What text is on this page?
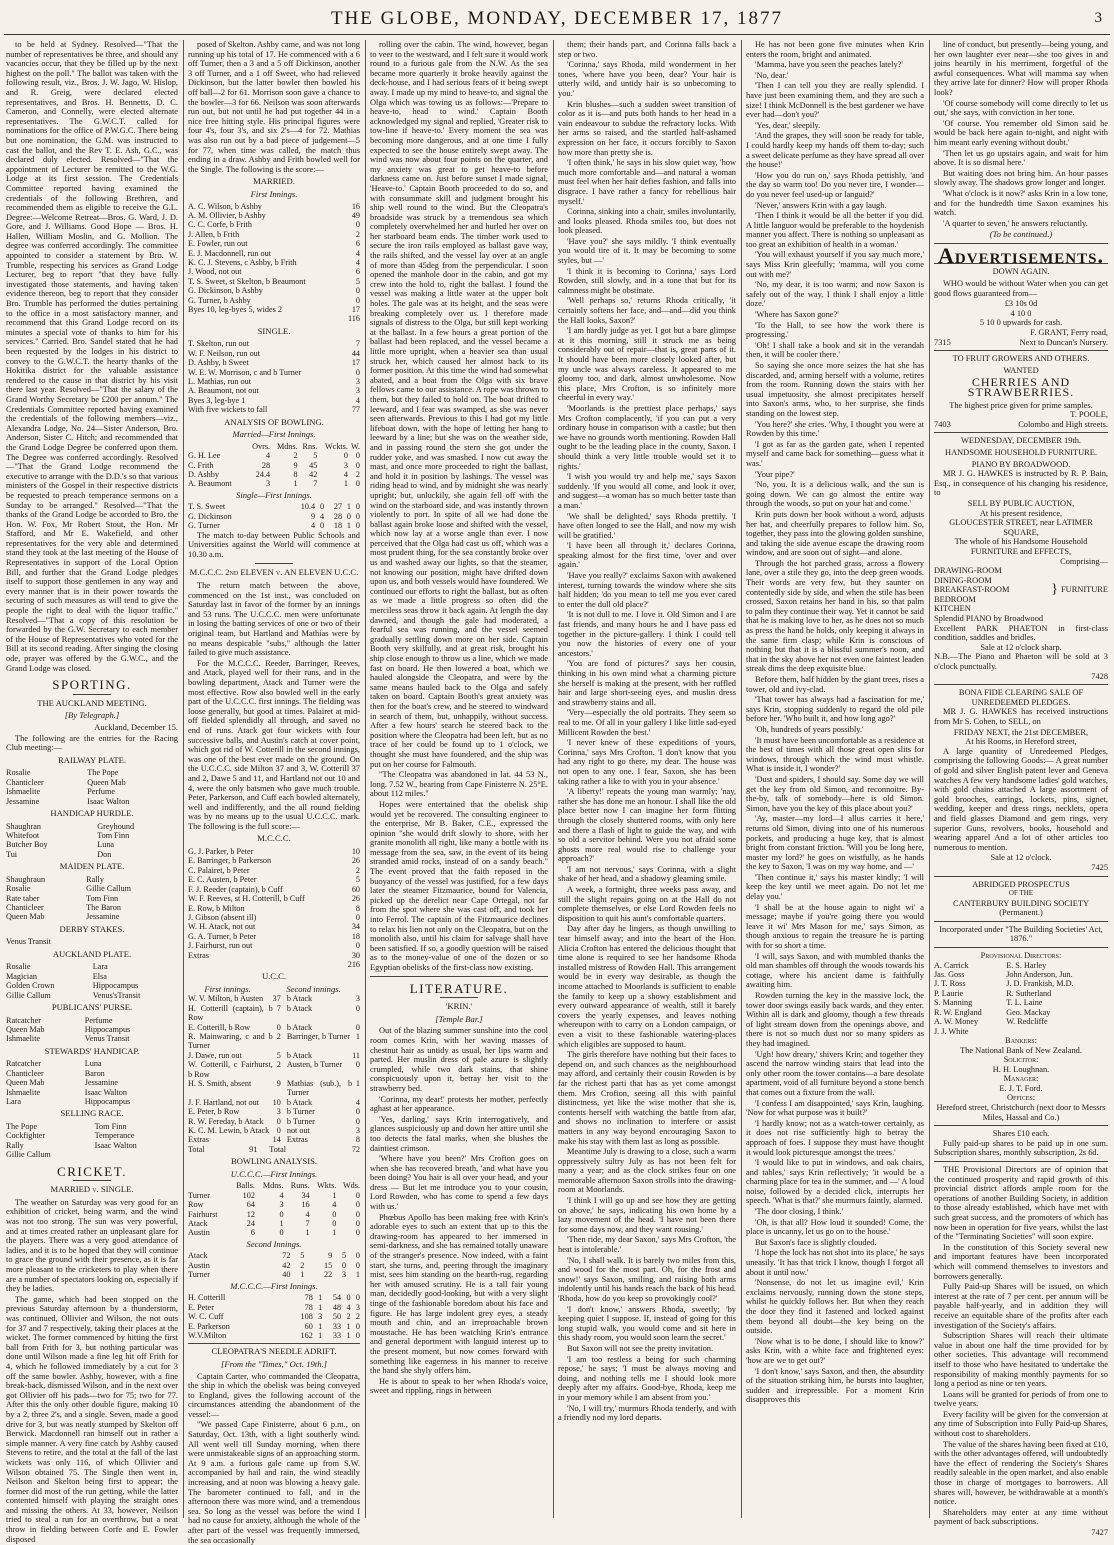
THE GLOBE, MONDAY, DECEMBER 17, 1877	3

to be held at Sydney. Resolved—"That the number of representatives be three, and should any vacancies occur, that they be filled up by the next highest on the poll." The ballot was taken with the following result, viz., Bros. J. W. Jago, W. Hislop, and R. Greig, were declared elected representatives, and Bros. H. Bennetts, D. C. Cameron, and Connelly, were elected alternate representatives. The G.W.C.T. called for nominations for the office of P.W.G.C. There being but one nomination, the G.M. was instructed to cast the ballot, and the Rev T. E. Ash, G.C., was declared duly elected. Resolved—"That the appointment of Lecturer be remitted to the W.G. Lodge at its first session. The Credentials Committee reported having examined the credentials of the following Brethren, and recommended them as eligible to receive the G.L. Degree:—Welcome Retreat—Bros. G. Ward, J. D. Gore, and J. Williams. Good Hope — Bros. H. Hallen, William Moslin, and G. Mollion. The degree was conferred accordingly. The committee appointed to consider a statement by Bro. W. Trumble, respecting his services as Grand Lodge Lecturer, beg to report "that they have fully investigated those statements, and having taken evidence thereon, beg to report that they consider Bro. Trumble has performed the duties pertaining to the office in a most satisfactory manner, and recommend that this Grand Lodge record on its minutes a special vote of thanks to him for his services." Carried. Bro. Sandel stated that he had been requested by the lodges in his district to convey to the G.W.C.T. the hearty thanks of the Hokitika district for the valuable assistance rendered to the cause in that district by his visit there last year. Resolved—"That the salary of the Grand Worthy Secretary be £200 per annum." The Credentials Committee reported having examined the credentials of the following members—viz., Alexandra Lodge, No. 24—Sister Anderson, Bro. Anderson, Sister C. Hitch; and recommended that the Grand Lodge Degree be conferred upon them. The Degree was conferred accordingly. Resolved —"That the Grand Lodge recommend the executive to arrange with the D.D.'s so that various ministers of the Gospel in their respective districts be requested to preach temperance sermons on a Sunday to be arranged." Resolved—"That the thanks of the Grand Lodge be accorded to Bro. the Hon. W. Fox, Mr Robert Stout, the Hon. Mr Stafford, and Mr E. Wakefield, and other representatives for the very able and determined stand they took at the last meeting of the House of Representatives in support of the Local Option Bill, and further that the Grand Lodge pledges itself to support those gentlemen in any way and every manner that is in their power towards the securing of such measures as will tend to give the people the right to deal with the liquor traffic." Resolved—"That a copy of this resolution be forwarded by the G.W. Secretary to each member of the House of Representatives who voted for the Bill at its second reading. After singing the closing ode, prayer was offered by the G.W.C., and the Grand Lodge was closed.

SPORTING.
THE AUCKLAND MEETING.
[By Telegraph.]

Auckland, December 15.

The following are the entries for the Racing Club meeting:—

RAILWAY PLATE.
Rosalie	The Pope
Chanticleer	Queen Mab
Ishmaelite	Perfume
Jessamine	Isaac Walton
HANDICAP HURDLE.
Shaughran	Greyhound
Whitefoot	Tom Finn
Butcher Boy	Luna
Tui	Don
MAIDEN PLATE.
Shaughraun	Rally
Rosalie	Gillie Callum
Rate taber	Tom Finn
Chanticleer	The Baron
Queen Mab	Jessamine
DERBY STAKES.
Venus Transit	
AUCKLAND PLATE.
Rosalie	Lara
Magician	Elsa
Golden Crown	Hippocampus
Gillie Callum	Venus'sTransit
PUBLICANS' PURSE.
Ratcatcher	Perfume
Queen Mab	Hippocampus
Ishmaelite	Venus Transit
STEWARDS' HANDICAP.
Ratcatcher	Luna
Chanticleer	Baron
Queen Mab	Jessamine
Ishmaelite	Isaac Walton
Lara	Hippocampus
SELLING RACE.
The Pope	Tom Finn
Cockfighter	Temperance
Rally	Isaac Walton
Gillie Callum	
CRICKET.
MARRIED v. SINGLE.

The weather on Saturday was very good for an exhibition of cricket, being warm, and the wind was not too strong. The sun was very powerful, and at times created rather an unpleasant glare for the players. There was a very good attendance of ladies, and it is to be hoped that they will continue to grace the ground with their presence, as it is far more pleasant to the cricketers to play when there are a number of spectators looking on, especially if they be ladies.

The game, which had been stopped on the previous Saturday afternoon by a thunderstorm, was continued, Ollivier and Wilson, the not outs for 37 and 7 respectively, taking their places at the wicket. The former commenced by hitting the first ball from Frith for 3, but nothing particular was done until Wilson made a fine leg hit off Frith for 4, which he followed immediately by a cut for 3 off the same bowler. Ashby, however, with a fine break-back, dismissed Wilson, and in the next over got Ollivier off his pads—two for 75; two for 77. After this the only other double figure, making 10 by a 2, three 2's, and a single. Seven, made a good drive for 3, but was neatly stumped by Skelton off Berwick. Macdonnell ran himself out in rather a simple manner. A very fine catch by Ashby caused Stevens to retire, and the total at the fall of the last wickets was only 116, of which Ollivier and Wilson obtained 75. The Single then went in, Neilson and Skelton being first to appear; the former did most of the run getting, while the latter contented himself with playing the straight ones and missing the others. At 33, however, Neilson tried to steal a run for an overthrow, but a neat throw in fielding between Corfe and E. Fowler disposed

posed of Skelton. Ashby came, and was not long running up his total of 17. He commenced with a 6 off Turner, then a 3 and a 5 off Dickinson, another 3 off Turner, and a 1 off Sweet, who had relieved Dickinson, but the latter bowler then bowled his off ball—2 for 61. Morrison soon gave a chance to the bowler—3 for 66. Neilson was soon afterwards run out, but not until he had put together 44 in a nice free hitting style. His principal figures were four 4's, four 3's, and six 2's—4 for 72. Mathias was also run out by a bad piece of judgement—5 for 77, when time was called, the match thus ending in a draw. Ashby and Frith bowled well for the Single. The following is the score:—

MARRIED.
First Innings.
A. C. Wilson, b Ashby	16
A. M. Ollivier, b Ashby	49
C. C. Corfe, b Frith	0
J. Allen, b Frith	2
E. Fowler, run out	6
E. J. Macdonnell, run out	4
K. C. J. Stevens, c Ashby, b Frith	4
J. Wood, not out	6
T. S. Sweet, st Skelton, b Beaumont	5
G. Dickinson, b Ashby	0
G. Turner, b Ashby	0
Byes 10, leg-byes 5, wides 2	17
	116
SINGLE.
T. Skelton, run out	7
W. F. Neilson, run out	44
D. Ashby, b Sweet	17
W. E. W. Morrison, c and b Turner	0
L. Mathias, run out	3
A. Beaumont, not out	3
Byes 3, leg-bye 1	4
With five wickets to fall	77
ANALYSIS OF BOWLING.
Married—First Innings.
	Ovrs.	Mdns.	Rns.	Wckts.	W.
G. H. Lee	4	2	5	0	0
C. Frith	28	9	45	3	0
D. Ashby	24.4	8	42	4	2
A. Beaumont	3	1	7	1	0
Single—First Innings.
T. S. Sweet	10.4	0	27	1	0
G. Dickinson	9	4	28	0	0
G. Turner	4	0	18	1	0

The match to-day between Public Schools and Universities against the World will commence at 10.30 a.m.

M.C.C.C. 2nd ELEVEN v. AN ELEVEN U.C.C.

The return match between the above, commenced on the 1st inst., was concluded on Saturday last in favor of the former by an innings and 53 runs. The U.C.C.C. men were unfortunate in losing the batting services of one or two of their original team, but Hartland and Mathias were by no means despicable "subs," although the latter failed to give much assistance.

For the M.C.C.C. Reeder, Barringer, Reeves, and Atack, played well for their runs, and in the bowling department, Atack and Turner were the most effective. Row also bowled well in the early part of the U.C.C.C. first innings. The fielding was loose generally, but good at times. Palairet at mid-off fielded splendidly all through, and saved no end of runs. Atack got four wickets with four successive balls, and Austin's catch at cover point, which got rid of W. Cotterill in the second innings, was one of the best ever made on the ground. On the U.C.C.C. side Milton 37 and 3, W. Cotterill 37 and 2, Dawe 5 and 11, and Hartland not out 10 and 4, were the only batsmen who gave much trouble. Peter, Parkerson, and Cuff each bowled alternately, well and indifferently, and the all round fielding was by no means up to the usual U.C.C.C. mark. The following is the full score:—

M.C.C.C.
G. J. Parker, b Peter	10
E. Barringer, b Parkerson	26
C. Palairet, b Peter	2
E. C. Austen, b Peter	5
F. J. Reeder (captain), b Cuff	60
W. F. Reeves, st H. Cotterill, b Cuff	26
E. Row, b Milton	8
J. Gibson (absent ill)	0
W. H. Atack, not out	34
G. A. Turner, b Peter	18
J. Fairhurst, run out	0
Extras	30
	216
U.C.C.
First innings.	Second innings.
W. V. Milton, b Austen	37	b Atack	3
H. Cotterill (captain), b Row	7	b Atack	0
E. Cotterill, b Row	0	b Atack	0
R. Mainwaring, c and b Turner	2	Barringer, b Turner	1
J. Dawe, run out	5	b Atack	11
W. Cotterill, c Fairhurst, b Row	2	Austen, b Turner	0
H. S. Smith, absent	9	Mathias (sub.), b Turner	1
J. F. Hartland, not out	10	b Atack	4
E. Peter, b Row	3	b Turner	0
R. W. Fereday, b Atack	0	b Turner	0
K. C. M. Lewin, b Atack	0	not out	3
Extras	14	Extras	8
Total	91	Total	72
BOWLING ANALYSIS.
U.C.C.C.—First Innings.
	Balls.	Mdns.	Runs.	Wkts.	Wds.
Turner	102	4	34	1	0
Row	64	3	16	4	0
Fairhurst	12	0	4	0	0
Atack	24	1	7	0	0
Austin	6	0	1	1	0
Second Innings.
Atack	72	5	9	5	0
Austin	42	2	15	0	0
Turner	40	1	22	3	1
M.C.C.C.—First Innings.
H. Cotterill	78	1	54	0	0
E. Peter	78	1	48	4	3
W. C. Cuff	108	3	50	2	2
E. Parkerson	60	1	33	1	0
W.V.Milton	162	1	33	1	0
CLEOPATRA'S NEEDLE ADRIFT.
[From the "Times," Oct. 19th.]

Captain Carter, who commanded the Cleopatra, the ship in which the obelisk was being conveyed to England, gives the following account of the circumstances attending the abandonment of the vessel:—

"We passed Cape Finisterre, about 6 p.m., on Saturday, Oct. 13th, with a light southerly wind. All went well till Sunday morning, when there were unmistakeable signs of an approaching storm. At 9 a.m. a furious gale came up from S.W. accompanied by hail and rain, the wind steadily increasing, and at noon was blowing a heavy gale. The barometer continued to fall, and in the afternoon there was more wind, and a tremendous sea. So long as the vessel was before the wind I had no cause for anxiety, although the whole of the after part of the vessel was frequently immersed, the sea occasionally

rolling over the cabin. The wind, however, began to veer to the westward, and I felt sure it would work round to a furious gale from the N.W. As the sea became more quarterly it broke heavily against the deck-house, and I had serious fears of it being swept away. I made up my mind to heave-to, and signal the Olga which was towing us as follows:—'Prepare to heave-to, head to wind.' Captain Booth acknowledged my signal and replied, 'Greater risk to tow-line if heave-to.' Every moment the sea was becoming more dangerous, and at one time I fully expected to see the house entirely swept away. The wind was now about four points on the quarter, and my anxiety was great to get heave-to before darkness came on. Just before sunset I made signal, 'Heave-to.' Captain Booth proceeded to do so, and with consummate skill and judgment brought his ship well round to the wind. But the Cleopatra's broadside was struck by a tremendous sea which completely overwhelmed her and hurled her over on her starboard beam ends. The timber work used to secure the iron rails employed as ballast gave way, the rails shifted, and the vessel lay over at an angle of more than 45deg from the perpendicular. I soon opened the manhole door in the cabin, and got my crew into the hold to, right the ballast. I found the vessel was making a little water at the upper bolt holes. The gale was at its height, and the seas were breaking completely over us. I therefore made signals of distress to the Olga, but still kept working at the ballast. In a few hours a great portion of the ballast had been replaced, and the vessel became a little more upright, when a heavier sea than usual struck her, which caused her almost back to its former position. At this time the wind had somewhat abated, and a boat from the Olga with six brave fellows came to our assistance. A rope was thrown to them, but they failed to hold on. The boat drifted to leeward, and I fear was swamped, as she was never seen afterwards. Previous to this I had got my little lifeboat down, with the hope of letting her hang to leeward by a line; but she was on the weather side, and in passing round the stern she got under the rudder yoke, and was smashed. I now cut away the mast, and once more proceeded to right the ballast, and hold it in position by lashings. The vessel was riding head to wind, and by midnight she was nearly upright; but, unluckily, she again fell off with the wind on the starboard side, and was instantly thrown violently to port. In spite of all we had done the ballast again broke loose and shifted with the vessel, which now lay at a worse angle than ever. I now perceived that the Olga had cast us off, which was a most prudent thing, for the sea constantly broke over us and washed away our lights, so that the steamer, not knowing our position, might have drifted down upon us, and both vessels would have foundered. We continued our efforts to right the ballast, but as often as we made a little progress so often did the merciless seas throw it back again. At length the day dawned, and though the gale had moderated, a fearful sea was running, and the vessel seemed gradually settling down more on her side. Captain Booth very skilfully, and at great risk, brought his ship close enough to throw us a line, which we made fast on board. He then lowered a boat, which we hauled alongside the Cleopatra, and were by the same means hauled back to the Olga and safely taken on board. Captain Booth's great anxiety was then for the boat's crew, and he steered to windward in search of them, but, unhappily, without success. After a few hours' search he steered back to the position where the Cleopatra had been left, but as no trace of her could be found up to 1 o'clock, we thought she must have foundered, and the ship was put on her course for Falmouth.

"The Cleopatra was abandoned in lat. 44 53 N., long. 7.52 W., bearing from Cape Finisterre N. 25°E. about 112 miles."

Hopes were entertained that the obelisk ship would yet be recovered. The consulting engineer to the enterprise, Mr B. Baker, C.E., expressed the opinion "she would drift slowly to shore, with her granite monolith all right, like many a bottle with its message from the sea, saw, in the event of its being stranded amid rocks, instead of on a sandy beach." The event proved that the faith reposed in the buoyancy of the vessel was justified, for a few days later the steamer Fitzmaurice, bound for Valencia, picked up the derelict near Cape Ortegal, not far from the spot where she was cast off, and took her into Ferrol. The captain of the Fitzmaurice declines to relax his lien not only on the Cleopatra, but on the monolith also, until his claim for salvage shall have been satisfied. If so, a goodly question will be raised as to the money-value of one of the dozen or so Egyptian obelisks of the first-class now existing.

LITERATURE.
'KRIN.'
[Temple Bar.]

Out of the blazing summer sunshine into the cool room comes Krin, with her waving masses of chestnut hair as untidy as usual, her lips warm and parted. Her muslin dress of pale azure is slightly crumpled, while two dark stains, that shine conspicuously upon it, betray her visit to the strawberry bed.

'Corinna, my dear!' protests her mother, perfectly aghast at her appearance.

'Yes, darling,' says Krin interrogatively, and glances suspiciously up and down her attire until she too detects the fatal marks, when she blushes the daintiest crimson.

'Where have you been?' Mrs Crofton goes on when she has recovered breath, 'and what have you been doing? You hair is all over your head, and your dress — But let me introduce you to your cousin, Lord Rowden, who has come to spend a few days with us.'

Phœbus Apollo has been making free with Krin's adorable eyes to such an extent that up to this the drawing-room has appeared to her immersed in semi-darkness, and she has remained totally unaware of the stranger's presence. Now indeed, with a faint start, she turns, and, peering through the imaginary mist, sees him standing on the hearth-rug, regarding her with amused scrutiny. He is a tall fair young man, decidedly good-looking, but with a very slight tinge of the fashionable boredom about his face and figure. He has large indolent grey eyes, a steady mouth and chin, and an irreproachable brown moustache. He has been watching Krin's entrance and general deportment with languid interest up to the present moment, but now comes forward with something like eagerness in his manner to receive the hand she shyly offers him.

He is about to speak to her when Rhoda's voice, sweet and rippling, rings in between

them; their hands part, and Corinna falls back a step or two.

'Corinna,' says Rhoda, mild wonderment in her tones, 'where have you been, dear? Your hair is utterly wild, and untidy hair is so unbecoming to you.'

Krin blushes—such a sudden sweet transition of color as it is—and puts both hands to her head in a vain endeavour to subdue the refractory locks. With her arms so raised, and the startled half-ashamed expression on her face, it occurs forcibly to Saxon how more than pretty she is.

'I often think,' he says in his slow quiet way, 'how much more comfortable and—and natural a woman must feel when her hair defies fashion, and falls into disgrace. I have rather a fancy for rebellious hair myself.'

Corinna, sinking into a chair, smiles involuntarily, and looks pleased. Rhoda smiles too, but does not look pleased.

'Have you?' she says mildly. 'I think eventually you would tire of it. It may be becoming to some styles, but —'

'I think it is becoming to Corinna,' says Lord Rowden, still slowly, and in a tone that but for its calmness might be obstinate.

'Well perhaps so,' returns Rhoda critically, 'it certainly softens her face, and—and—did you think the Hall looks, Saxon?'

'I am hardly judge as yet. I got but a bare glimpse at it this morning, still it struck me as being considerably out of repair—that is, great parts of it. It should have been more closely looked after, but my uncle was always careless. It appeared to me gloomy too, and dark, almost unwholesome. Now this place, Mrs Crofton, is so infinitely more cheerful in every way.'

'Moorlands is the prettiest place perhaps,' says Mrs Crofton complacently, 'if you can put a very ordinary house in comparison with a castle; but then we have no grounds worth mentioning. Rowden Hall ought to be the leading place in the county, Saxon. I should think a very little trouble would set it to rights.'

'I wish you would try and help me,' says Saxon suddenly. 'If you would all come, and look it over, and suggest—a woman has so much better taste than a man.'

'We shall be delighted,' says Rhoda prettily. 'I have often longed to see the Hall, and now my wish will be gratified.'

'I have been all through it,' declares Corinna, speaking almost for the first time, 'over and over again.'

'Have you really?' exclaims Saxon with awakened interest, turning towards the window where she sits half hidden; 'do you mean to tell me you ever cared to enter the dull old place?'

'It is not dull to me. I love it. Old Simon and I are fast friends, and many hours he and I have pass ed together in the picture-gallery. I think I could tell you now the histories of every one of your ancestors.'

'You are fond of pictures?' says her cousin, thinking in his own mind what a charming picture she herself is making at the present, with her ruffled hair and large short-seeing eyes, and muslin dress and strawberry stains and all.

'Very—especially the old portraits. They seem so real to me. Of all in your gallery I like little sad-eyed Millicent Rowden the best.'

'I never knew of these expeditions of yours, Corinna,' says Mrs Crofton. 'I don't know that you had any right to go there, my dear. The house was not open to any one. I fear, Saxon, she has been taking rather a like to with you in your absence.'

'A liberty!' repeats the young man warmly; 'nay, rather she has done me an honour. I shall like the old place better now I can imagine her form flitting through the closely shuttered rooms, with only here and there a flash of light to guide the way, and with so old a servitor behind. Were you not afraid some ghosts more real would rise to challenge your approach?'

'I am not nervous,' says Corinna, with a slight shake of her head, and a shadowy gleaming smile.

A week, a fortnight, three weeks pass away, and still the slight repairs going on at the Hall do not complete themselves, or else Lord Rowden feels no disposition to quit his aunt's comfortable quarters.

Day after day he lingers, as though unwilling to tear himself away; and into the heart of the Hon. Alicia Crofton has entered the delicious thought that time alone is required to see her handsome Rhoda installed mistress of Rowden Hall. This arrangement would be in every way desirable, as though the income attached to Moorlands is sufficient to enable the family to keep up a showy establishment and every outward appearance of wealth, still it barely covers the yearly expenses, and leaves nothing whereupon with to carry on a London campaign, or even a visit to these fashionable watering-places which eligibles are supposed to haunt.

The girls therefore have nothing but their faces to depend on, and such chances as the neighbourhood may afford, and certainly their cousin Rowden is by far the richest parti that has as yet come amongst them. Mrs Crofton, seeing all this with painful distinctness, yet like the wise mother that she is, contents herself with watching the battle from afar, and shows no inclination to interfere or assist matters in any way beyond encouraging Saxon to make his stay with them last as long as possible.

Meantime July is drawing to a close, such a warm oppressively sultry July as has not been felt for many a year; and as the clock strikes four on one memorable afternoon Saxon strolls into the drawing-room at Moorlands.

'I think I will go up and see how they are getting on above,' he says, indicating his own home by a lazy movement of the head. 'I have not been there for some days now, and they want rousing.'

'Then ride, my dear Saxon,' says Mrs Crofton, 'the heat is intolerable.'

'No, I shall walk. It is barely two miles from this, and wood for the most part. Oh, for the frost and snow!' says Saxon, smiling, and raising both arms indolently until his hands reach the back of his head. 'Rhoda, how do you keep so provokingly cool?'

'I don't know,' answers Rhoda, sweetly; 'by keeping quiet I suppose. If, instead of going for this long stupid walk, you would come and sit here in this shady room, you would soon learn the secret.'

But Saxon will not see the pretty invitation.

'I am too restless a being for such charming repose,' he says; 'I must be always moving and doing, and nothing tells me I should look more deeply after my affairs. Good-bye, Rhoda, keep me in your memory while I am absent from you.'

'No, I will try,' murmurs Rhoda tenderly, and with a friendly nod my lord departs.

He has not been gone five minutes when Krin enters the room, bright and animated.

'Mamma, have you seen the peaches lately?'

'No, dear.'

'Then I can tell you they are really splendid. I have just been examining them, and they are such a size! I think McDonnell is the best gardener we have ever had—don't you?'

'Yes, dear,' sleepily.

'And the grapes, they will soon be ready for table, I could hardly keep my hands off them to-day; such a sweet delicate perfume as they have spread all over the house!'

'How you do run on,' says Rhoda pettishly, 'and the day so warm too! Do you never tire, I wonder—do you never feel used-up or languid?'

'Never,' answers Krin with a gay laugh.

'Then I think it would be all the better if you did. A little languor would be preferable to the hoydenish manner you affect. There is nothing so unpleasant as too great an exhibition of health in a woman.'

'You will exhaust yourself if you say much more,' says Miss Krin gleefully; 'mamma, will you come out with me?'

'No, my dear, it is too warm; and now Saxon is safely out of the way, I think I shall enjoy a little doze.'

'Where has Saxon gone?'

'To the Hall, to see how the work there is progressing.'

'Oh! I shall take a book and sit in the verandah then, it will be cooler there.'

So saying she once more seizes the hat she has discarded, and, arming herself with a volume, retires from the room. Running down the stairs with her usual impetuosity, she almost precipitates herself into Saxon's arms, who, to her surprise, she finds standing on the lowest step.

'You here?' she cries. 'Why, I thought you were at Rowden by this time.'

'I got as far as the garden gate, when I repented myself and came back for something—guess what it was.'

'Your pipe?'

'No, you. It is a delicious walk, and the sun is going down. We can go almost the entire way through the woods, so put on your hat and come.'

Krin puts down her book without a word, adjusts her hat, and cheerfully prepares to follow him. So, together, they pass into the glowing golden sunshine, and taking the side avenue escape the drawing room window, and are soon out of sight—and alone.

Through the hot parched grass, across a flowery lane, over a stile they go, into the deep green woods. Their words are very few, but they saunter on contentedly side by side, and when the stile has been crossed, Saxon retains her hand in his, so that palm to palm they continue their way. Yet it cannot be said that he is making love to her, as he does not so much as press the hand he holds, only keeping it always in the same firm clasp; while Krin is conscious of nothing but that it is a blissful summer's noon, and that in the sky above her not even one faintest leaden streak dims the deep exquisite blue.

Before them, half hidden by the giant trees, rises a tower, old and ivy-clad.

'That tower has always had a fascination for me,' says Krin, stopping suddenly to regard the old pile before her. 'Who built it, and how long ago?'

'Oh, hundreds of years possibly.'

'It must have been uncomfortable as a residence at the best of times with all those great open slits for windows, through which the wind must whistle. What is inside it, I wonder?'

'Dust and spiders, I should say. Some day we will get the key from old Simon, and reconnoitre. By-the-by, talk of somebody—here is old Simon. Simon, have you the key of this place about you?'

'Ay, master—my lord—I allus carries it here,' returns old Simon, diving into one of his numerous pockets, and producing a huge key, that is almost bright from constant friction. 'Will you be long here, master my lord?' he goes on wistfully, as he hands the key to Saxon, 'I was on my way home, and —'

'Then continue it,' says his master kindly; 'I will keep the key until we meet again. Do not let me delay you.'

'I shall be at the house again to night wi' a message; maybe if you're going there you would leave it wi' Mrs Mason for me,' says Simon, as though anxious to regain the treasure he is parting with for so short a time.

'I will, says Saxon, and with mumbled thanks the old man shambles off through the woods towards his cottage, where his ancient dame is faithfully awaiting him.

Rowden turning the key in the massive lock, the tower door swings easily back wards, and they enter. Within all is dark and gloomy, though a few threads of light stream down from the openings above, and there is not so much dust nor so many spiders as they had imagined.

'Ugh! how dreary,' shivers Krin; and together they ascend the narrow winding stairs that lead into the only other room the tower contains—a bare desolate apartment, void of all furniture beyond a stone bench that comes out a fixture from the wall.

'I confess I am disappointed,' says Krin, laughing. 'Now for what purpose was it built?'

'I hardly know; not as a watch-tower certainly, as it does not rise sufficiently high to betray the approach of foes. I suppose they must have thought it would look picturesque amongst the trees.'

'I would like to put in windows, and oak chairs, and tables,' says Krin reflectively; 'it would be a charming place for tea in the summer, and —' A loud noise, followed by a decided click, interrupts her speech. 'What is that?' she murmurs faintly, alarmed.

'The door closing, I think.'

'Oh, is that all? How loud it sounded! Come, the place is uncanny, let us go on to the house.'

But Saxon's face is slightly clouded.

'I hope the lock has not shot into its place,' he says uneasily. 'It has that trick I know, though I forgot all about it until now.'

'Nonsense, do not let us imagine evil,' Krin exclaims nervously, running down the stone steps, whilst he quickly follows her. But when they reach the door they find it fastened and locked against them beyond all doubt—the key being on the outside.

'Now what is to be done, I should like to know?' asks Krin, with a white face and frightened eyes: 'how are we to get out?'

'I don't know,' says Saxon, and then, the absurdity of the situation striking him, he bursts into laughter, sudden and irrepressible. For a moment Krin disapproves this

line of conduct, but presently—being young, and her own laughter ever near—she too gives in and joins heartily in his merriment, forgetful of the awful consequences. What will mamma say when they arrive late for dinner? How will proper Rhoda look?

'Of course somebody will come directly to let us out,' she says, with conviction in her tone.

'Of course. You remember old Simon said he would be back here again to-night, and night with him meant early evening without doubt.'

'Then let us go upstairs again, and wait for him above. It is so dismal here.'

But waiting does not bring him. An hour passes slowly away. The shadows grow longer and longer.

'What o'clock is it now?' asks Krin in a low tone, and for the hundredth time Saxon examines his watch.

'A quarter to seven,' he answers reluctantly.

(To be continued.)
Advertisements.
DOWN AGAIN.

WHO would be without Water when you can get good flows guaranteed from—

£3 10s 0d
4 10 0
5 10 0 upwards for cash.
F. GRANT, Ferry road,
7315	Next to Duncan's Nursery.
TO FRUIT GROWERS AND OTHERS.
WANTED
CHERRIES AND STRAWBERRIES.
The highest price given for prime samples.
T. POOLE,
7403	Colombo and High streets.
WEDNESDAY, DECEMBER 19th.
HANDSOME HOUSEHOLD FURNITURE.
PIANO BY BROADWOOD.

MR J. G. HAWKES is instructed by R. P. Bain, Esq., in consequence of his changing his residence, to

SELL BY PUBLIC AUCTION,
At his present residence,
GLOUCESTER STREET, near LATIMER SQUARE,
The whole of his Handsome Household FURNITURE and EFFECTS,
Comprising—
DRAWING-ROOM
DINING-ROOM
BREAKFAST-ROOM
BEDROOM
KITCHEN
} FURNITURE
Splendid PIANO by Broadwood
Excellent PARK PHAETON in first-class condition, saddles and bridles.
Sale at 12 o'clock sharp.
N.B.—The Piano and Phaeton will be sold at 3 o'clock punctually.
7428
BONA FIDE CLEARING SALE OF UNREDEEMED PLEDGES.

MR J. G. HAWKES has received instructions from Mr S. Cohen, to SELL, on

FRIDAY NEXT, the 21st DECEMBER,
At his Rooms, in Hereford street,

A large quantity of Unredeemed Pledges, comprising the following Goods:— A great number of gold and silver English patent lever and Geneva watches A few very handsome ladies' gold watches, with gold chains attached A large assortment of gold brooches, earrings, lockets, pins, signet, wedding, keeper and dress rings, necklets, opera and field glasses Diamond and gem rings, very superior Guns, revolvers, books, household and wearing apparel And a lot of other articles too numerous to mention.

Sale at 12 o'clock.
7425
ABRIDGED PROSPECTUS
OF THE
CANTERBURY BUILDING SOCIETY
(Permanent.)
Incorporated under "The Building Societies' Act, 1876."
Provisional Directors:
A. Carrick	E. S. Harley
Jas. Goss	John Anderson, Jun.
J. T. Ross	J. D. Frankish, M.D.
P. Laurie	R. Sutherland
S. Manning	T. L. Laine
R. W. England	Geo. Mackay
A. W. Money	W. Redcliffe
J. J. White	
Bankers:
The National Bank of New Zealand.
Solicitor:
H. H. Loughnan.
Manager:
E. J. T. Ford.
Offices:
Hereford street, Christchurch (next door to Messrs Miles, Hassal and Co.)
Shares £10 each.

Fully paid-up shares to be paid up in one sum. Subscription shares, monthly subscription, 2s 6d.

THE Provisional Directors are of opinion that the continued prosperity and rapid growth of this provincial district affords ample room for the operations of another Building Society, in addition to those already established, which have met with such great success, and the promoters of which has now been in operation for five years, whilst the last of the "Terminating Societies" will soon expire.

In the constitution of this Society several new and important features have been incorporated which will commend themselves to investors and borrowers generally.

Fully Paid-up Shares will be issued, on which interest at the rate of 7 per cent. per annum will be payable half-yearly, and in addition they will receive an equitable share of the profits after each investigation of the Society's affairs.

Subscription Shares will reach their ultimate value in about one half the time provided for by other societies. This advantage will recommend itself to those who have hesitated to undertake the responsibility of making monthly payments for so long a period as nine or ten years.

Loans will be granted for periods of from one to twelve years.

Every facility will be given for the conversion at any time of Subscription into Fully Paid-up Shares, without cost to shareholders.

The value of the shares having been fixed at £10, with the other advantages offered, will undoubtedly have the effect of rendering the Society's Shares readily saleable in the open market, and also enable those in charge of mortgages to borrowers. All shares will, however, be withdrawable at a month's notice.

Shareholders may enter at any time without payment of back subscriptions.

7427
